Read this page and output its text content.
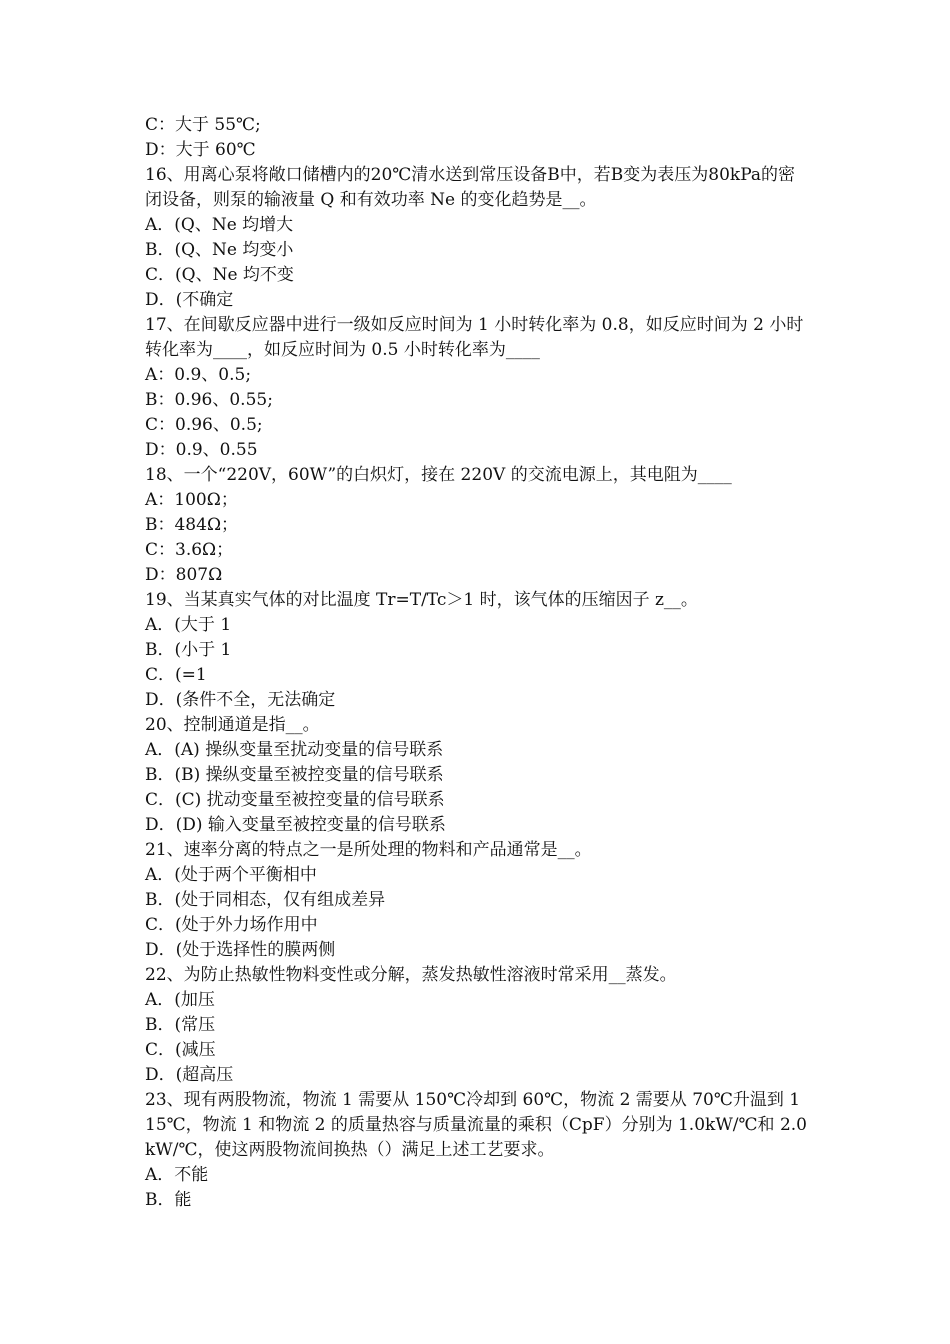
C：大于 55℃;
D：大于 60℃
16、用离心泵将敞口储槽内的20℃清水送到常压设备B中，若B变为表压为80kPa的密闭设备，则泵的输液量 Q 和有效功率 Ne 的变化趋势是__。
A．(Q、Ne 均增大
B．(Q、Ne 均变小
C．(Q、Ne 均不变
D．(不确定
17、在间歇反应器中进行一级如反应时间为 1 小时转化率为 0.8，如反应时间为 2 小时转化率为____，如反应时间为 0.5 小时转化率为____
A：0.9、0.5;
B：0.96、0.55;
C：0.96、0.5;
D：0.9、0.55
18、一个“220V，60W”的白炽灯，接在 220V 的交流电源上，其电阻为____
A：100Ω；
B：484Ω；
C：3.6Ω；
D：807Ω
19、当某真实气体的对比温度 Tr=T/Tc＞1 时，该气体的压缩因子 z__。
A．(大于 1
B．(小于 1
C．(=1
D．(条件不全，无法确定
20、控制通道是指__。
A．(A) 操纵变量至扰动变量的信号联系
B．(B) 操纵变量至被控变量的信号联系
C．(C) 扰动变量至被控变量的信号联系
D．(D) 输入变量至被控变量的信号联系
21、速率分离的特点之一是所处理的物料和产品通常是__。
A．(处于两个平衡相中
B．(处于同相态，仅有组成差异
C．(处于外力场作用中
D．(处于选择性的膜两侧
22、为防止热敏性物料变性或分解，蒸发热敏性溶液时常采用__蒸发。
A．(加压
B．(常压
C．(减压
D．(超高压
23、现有两股物流，物流 1 需要从 150℃冷却到 60℃，物流 2 需要从 70℃升温到 115℃，物流 1 和物流 2 的质量热容与质量流量的乘积（CpF）分别为 1.0kW/℃和 2.0kW/℃，使这两股物流间换热（）满足上述工艺要求。
A．不能
B．能
